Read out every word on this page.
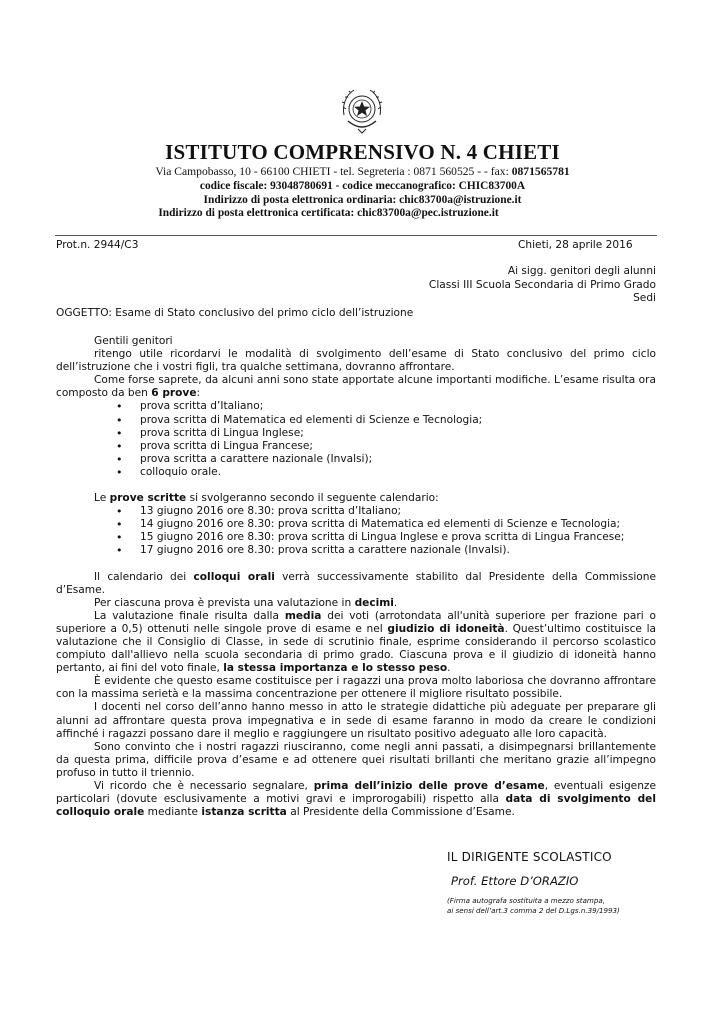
ISTITUTO COMPRENSIVO N. 4 CHIETI
Via Campobasso, 10 - 66100 CHIETI - tel. Segreteria : 0871 560525 - - fax: 0871565781
codice fiscale: 93048780691 - codice meccanografico: CHIC83700A
Indirizzo di posta elettronica ordinaria: chic83700a@istruzione.it
Indirizzo di posta elettronica certificata: chic83700a@pec.istruzione.it
Prot.n. 2944/C3	Chieti, 28 aprile 2016
Ai sigg. genitori degli alunni
Classi III Scuola Secondaria di Primo Grado
Sedi
OGGETTO: Esame di Stato conclusivo del primo ciclo dell’istruzione

Gentili genitori

ritengo utile ricordarvi le modalità di svolgimento dell’esame di Stato conclusivo del primo ciclo dell’istruzione che i vostri figli, tra qualche settimana, dovranno affrontare.

Come forse saprete, da alcuni anni sono state apportate alcune importanti modifiche. L’esame risulta ora composto da ben 6 prove:

• prova scritta d’Italiano;
• prova scritta di Matematica ed elementi di Scienze e Tecnologia;
• prova scritta di Lingua Inglese;
• prova scritta di Lingua Francese;
• prova scritta a carattere nazionale (Invalsi);
• colloquio orale.

Le prove scritte si svolgeranno secondo il seguente calendario:

• 13 giugno 2016 ore 8.30: prova scritta d’Italiano;
• 14 giugno 2016 ore 8.30: prova scritta di Matematica ed elementi di Scienze e Tecnologia;
• 15 giugno 2016 ore 8.30: prova scritta di Lingua Inglese e prova scritta di Lingua Francese;
• 17 giugno 2016 ore 8.30: prova scritta a carattere nazionale (Invalsi).

Il calendario dei colloqui orali verrà successivamente stabilito dal Presidente della Commissione d’Esame.

Per ciascuna prova è prevista una valutazione in decimi.

La valutazione finale risulta dalla media dei voti (arrotondata all'unità superiore per frazione pari o superiore a 0,5) ottenuti nelle singole prove di esame e nel giudizio di idoneità. Quest’ultimo costituisce la valutazione che il Consiglio di Classe, in sede di scrutinio finale, esprime considerando il percorso scolastico compiuto dall'allievo nella scuola secondaria di primo grado. Ciascuna prova e il giudizio di idoneità hanno pertanto, ai fini del voto finale, la stessa importanza e lo stesso peso.

È evidente che questo esame costituisce per i ragazzi una prova molto laboriosa che dovranno affrontare con la massima serietà e la massima concentrazione per ottenere il migliore risultato possibile.

I docenti nel corso dell’anno hanno messo in atto le strategie didattiche più adeguate per preparare gli alunni ad affrontare questa prova impegnativa e in sede di esame faranno in modo da creare le condizioni affinché i ragazzi possano dare il meglio e raggiungere un risultato positivo adeguato alle loro capacità.

Sono convinto che i nostri ragazzi riusciranno, come negli anni passati, a disimpegnarsi brillantemente da questa prima, difficile prova d’esame e ad ottenere quei risultati brillanti che meritano grazie all’impegno profuso in tutto il triennio.

Vi ricordo che è necessario segnalare, prima dell’inizio delle prove d’esame, eventuali esigenze particolari (dovute esclusivamente a motivi gravi e improrogabili) rispetto alla data di svolgimento del colloquio orale mediante istanza scritta al Presidente della Commissione d’Esame.

IL DIRIGENTE SCOLASTICO
Prof. Ettore D’ORAZIO
(Firma autografa sostituita a mezzo stampa,
ai sensi dell’art.3 comma 2 del D.Lgs.n.39/1993)
